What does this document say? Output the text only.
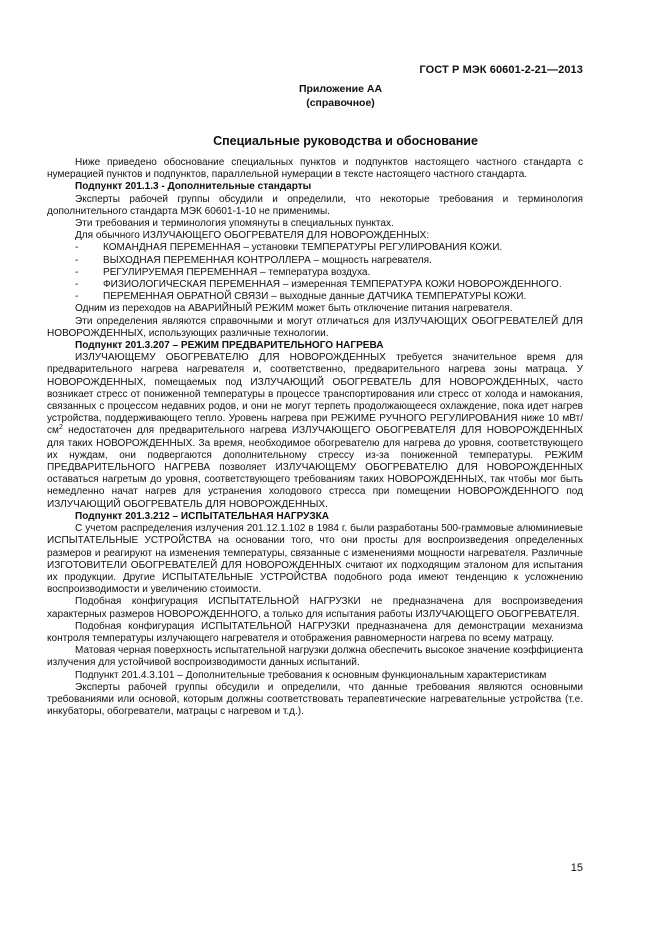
ГОСТ Р МЭК 60601-2-21—2013
Приложение АА
(справочное)
Специальные руководства и обоснование

Ниже приведено обоснование специальных пунктов и подпунктов настоящего частного стандарта с нумерацией пунктов и подпунктов, параллельной нумерации в тексте настоящего частного стандарта.

Подпункт 201.1.3 - Дополнительные стандарты

Эксперты рабочей группы обсудили и определили, что некоторые требования и терминология дополнительного стандарта МЭК 60601-1-10 не применимы.

Эти требования и терминология упомянуты в специальных пунктах.

Для обычного ИЗЛУЧАЮЩЕГО ОБОГРЕВАТЕЛЯ ДЛЯ НОВОРОЖДЕННЫХ:

-	КОМАНДНАЯ ПЕРЕМЕННАЯ – установки ТЕМПЕРАТУРЫ РЕГУЛИРОВАНИЯ КОЖИ.
-	ВЫХОДНАЯ ПЕРЕМЕННАЯ КОНТРОЛЛЕРА – мощность нагревателя.
-	РЕГУЛИРУЕМАЯ ПЕРЕМЕННАЯ – температура воздуха.
-	ФИЗИОЛОГИЧЕСКАЯ ПЕРЕМЕННАЯ – измеренная ТЕМПЕРАТУРА КОЖИ НОВОРОЖДЕННОГО.
-	ПЕРЕМЕННАЯ ОБРАТНОЙ СВЯЗИ – выходные данные ДАТЧИКА ТЕМПЕРАТУРЫ КОЖИ.

Одним из переходов на АВАРИЙНЫЙ РЕЖИМ может быть отключение питания нагревателя.

Эти определения являются справочными и могут отличаться для ИЗЛУЧАЮЩИХ ОБОГРЕВАТЕЛЕЙ ДЛЯ НОВОРОЖДЕННЫХ, использующих различные технологии.

Подпункт 201.3.207 – РЕЖИМ ПРЕДВАРИТЕЛЬНОГО НАГРЕВА

ИЗЛУЧАЮЩЕМУ ОБОГРЕВАТЕЛЮ ДЛЯ НОВОРОЖДЕННЫХ требуется значительное время для предварительного нагрева нагревателя и, соответственно, предварительного нагрева зоны матраца. У НОВОРОЖДЕННЫХ, помещаемых под ИЗЛУЧАЮЩИЙ ОБОГРЕВАТЕЛЬ ДЛЯ НОВОРОЖДЕННЫХ, часто возникает стресс от пониженной температуры в процессе транспортирования или стресс от холода и намокания, связанных с процессом недавних родов, и они не могут терпеть продолжающееся охлаждение, пока идет нагрев устройства, поддерживающего тепло. Уровень нагрева при РЕЖИМЕ РУЧНОГО РЕГУЛИРОВАНИЯ ниже 10 мВт/$см^2$ недостаточен для предварительного нагрева ИЗЛУЧАЮЩЕГО ОБОГРЕВАТЕЛЯ ДЛЯ НОВОРОЖДЕННЫХ для таких НОВОРОЖДЕННЫХ. За время, необходимое обогревателю для нагрева до уровня, соответствующего их нуждам, они подвергаются дополнительному стрессу из-за пониженной температуры. РЕЖИМ ПРЕДВАРИТЕЛЬНОГО НАГРЕВА позволяет ИЗЛУЧАЮЩЕМУ ОБОГРЕВАТЕЛЮ ДЛЯ НОВОРОЖДЕННЫХ оставаться нагретым до уровня, соответствующего требованиям таких НОВОРОЖДЕННЫХ, так чтобы мог быть немедленно начат нагрев для устранения холодового стресса при помещении НОВОРОЖДЕННОГО под ИЗЛУЧАЮЩИЙ ОБОГРЕВАТЕЛЬ ДЛЯ НОВОРОЖДЕННЫХ.

Подпункт 201.3.212 – ИСПЫТАТЕЛЬНАЯ НАГРУЗКА

С учетом распределения излучения 201.12.1.102 в 1984 г. были разработаны 500-граммовые алюминиевые ИСПЫТАТЕЛЬНЫЕ УСТРОЙСТВА на основании того, что они просты для воспроизведения определенных размеров и реагируют на изменения температуры, связанные с изменениями мощности нагревателя. Различные ИЗГОТОВИТЕЛИ ОБОГРЕВАТЕЛЕЙ ДЛЯ НОВОРОЖДЕННЫХ считают их подходящим эталоном для испытания их продукции. Другие ИСПЫТАТЕЛЬНЫЕ УСТРОЙСТВА подобного рода имеют тенденцию к усложнению воспроизводимости и увеличению стоимости.

Подобная конфигурация ИСПЫТАТЕЛЬНОЙ НАГРУЗКИ не предназначена для воспроизведения характерных размеров НОВОРОЖДЕННОГО, а только для испытания работы ИЗЛУЧАЮЩЕГО ОБОГРЕВАТЕЛЯ.

Подобная конфигурация ИСПЫТАТЕЛЬНОЙ НАГРУЗКИ предназначена для демонстрации механизма контроля температуры излучающего нагревателя и отображения равномерности нагрева по всему матрацу.

Матовая черная поверхность испытательной нагрузки должна обеспечить высокое значение коэффициента излучения для устойчивой воспроизводимости данных испытаний.

Подпункт 201.4.3.101 – Дополнительные требования к основным функциональным характеристикам

Эксперты рабочей группы обсудили и определили, что данные требования являются основными требованиями или основой, которым должны соответствовать терапевтические нагревательные устройства (т.е. инкубаторы, обогреватели, матрацы с нагревом и т.д.).

15
